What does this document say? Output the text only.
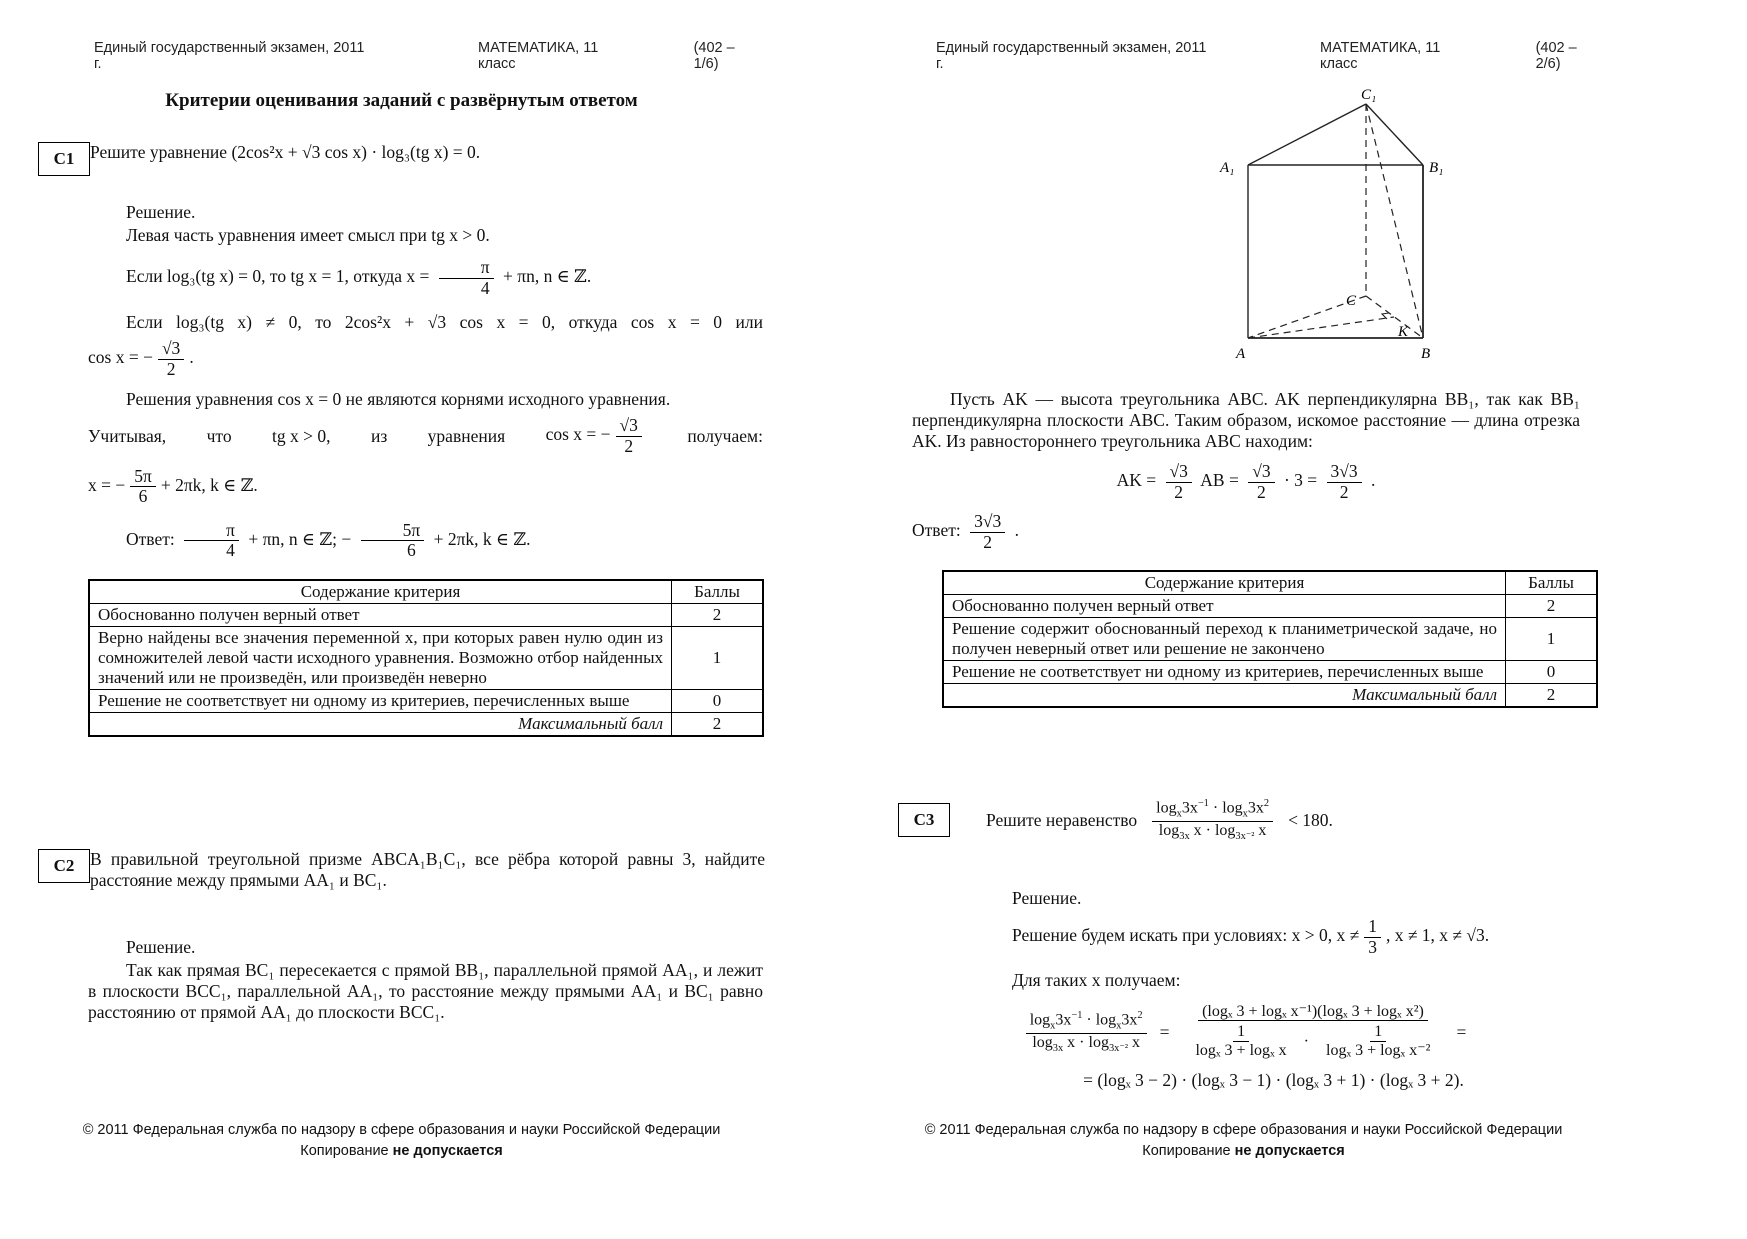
Единый государственный экзамен, 2011 г.
МАТЕМАТИКА, 11 класс
(402 – 1/6)
Критерии оценивания заданий с развёрнутым ответом
С1 Решите уравнение (2cos²x + √3 cos x) · log₃(tg x) = 0.

Решение.

Левая часть уравнения имеет смысл при tg x > 0.

Если log₃(tg x) = 0, то tg x = 1, откуда $x = \frac{\pi}{4} + \pi n$, n ∈ ℤ.

Если log₃(tg x) ≠ 0, то 2cos²x + √3 cos x = 0, откуда cos x = 0 или

cos x = − $\frac{√3}{2}$ .

Решения уравнения cos x = 0 не являются корнями исходного уравнения.

Учитывая, что tg x > 0, из уравнения cos x = − $\frac{√3}{2}$	получаем:

x = − $\frac{5\pi}{6} + 2\pi k$, k ∈ ℤ.

Ответ: $\frac{\pi}{4} + \pi n$, n ∈ ℤ; − $\frac{5\pi}{6} + 2\pi k$, k ∈ ℤ.

Содержание критерия	Баллы
Обоснованно получен верный ответ	2
Верно найдены все значения переменной x, при которых равен нулю один из сомножителей левой части исходного уравнения. Возможно отбор найденных значений или не произведён, или произведён неверно	1
Решение не соответствует ни одному из критериев, перечисленных выше	0
Максимальный балл	2
С2 В правильной треугольной призме ABCA₁B₁C₁, все рёбра которой равны 3, найдите расстояние между прямыми AA₁ и BC₁.

Решение.

Так как прямая BC₁ пересекается с прямой BB₁, параллельной прямой AA₁, и лежит в плоскости BCC₁, параллельной AA₁, то расстояние между прямыми AA₁ и BC₁ равно расстоянию от прямой AA₁ до плоскости BCC₁.

© 2011 Федеральная служба по надзору в сфере образования и науки Российской Федерации
Копирование не допускается
Единый государственный экзамен, 2011 г.
МАТЕМАТИКА, 11 класс
(402 – 2/6)
A₁	B₁
C₁
A	B
C
K

Пусть AK — высота треугольника ABC. AK перпендикулярна BB₁, так как BB₁ перпендикулярна плоскости ABC. Таким образом, искомое расстояние — длина отрезка AK. Из равностороннего треугольника ABC находим:

AK = $\frac{√3}{2}$ AB = $\frac{√3}{2} \cdot 3 = \frac{3√3}{2}$ .

Ответ: $\frac{3√3}{2}$ .

Содержание критерия	Баллы
Обоснованно получен верный ответ	2
Решение содержит обоснованный переход к планиметрической задаче, но получен неверный ответ или решение не закончено	1
Решение не соответствует ни одному из критериев, перечисленных выше	0
Максимальный балл	2
С3	Решите неравенство $\frac{\log_x3x^{-1} \cdot \log_x3x^2}{\log_{3x} x \cdot \log_{3x^{-2}} x} < 180$.

Решение.

Решение будем искать при условиях: x > 0, $x \ne \frac{1}{3}$ , x ≠ 1, x ≠ √3.

Для таких x получаем:

$\frac{\log_x3x^{-1} \cdot \log_x3x^2}{\log_{3x} x \cdot \log_{3x^{-2}} x} = \frac{\text{(logₓ 3 + logₓ x⁻¹)(logₓ 3 + logₓ x²)}}{\frac{1}{\text{logₓ 3 + logₓ x}} \cdot \frac{1}{\text{logₓ 3 + logₓ x⁻²}}}$ =

= (logₓ 3 − 2) · (logₓ 3 − 1) · (logₓ 3 + 1) · (logₓ 3 + 2).

© 2011 Федеральная служба по надзору в сфере образования и науки Российской Федерации
Копирование не допускается
